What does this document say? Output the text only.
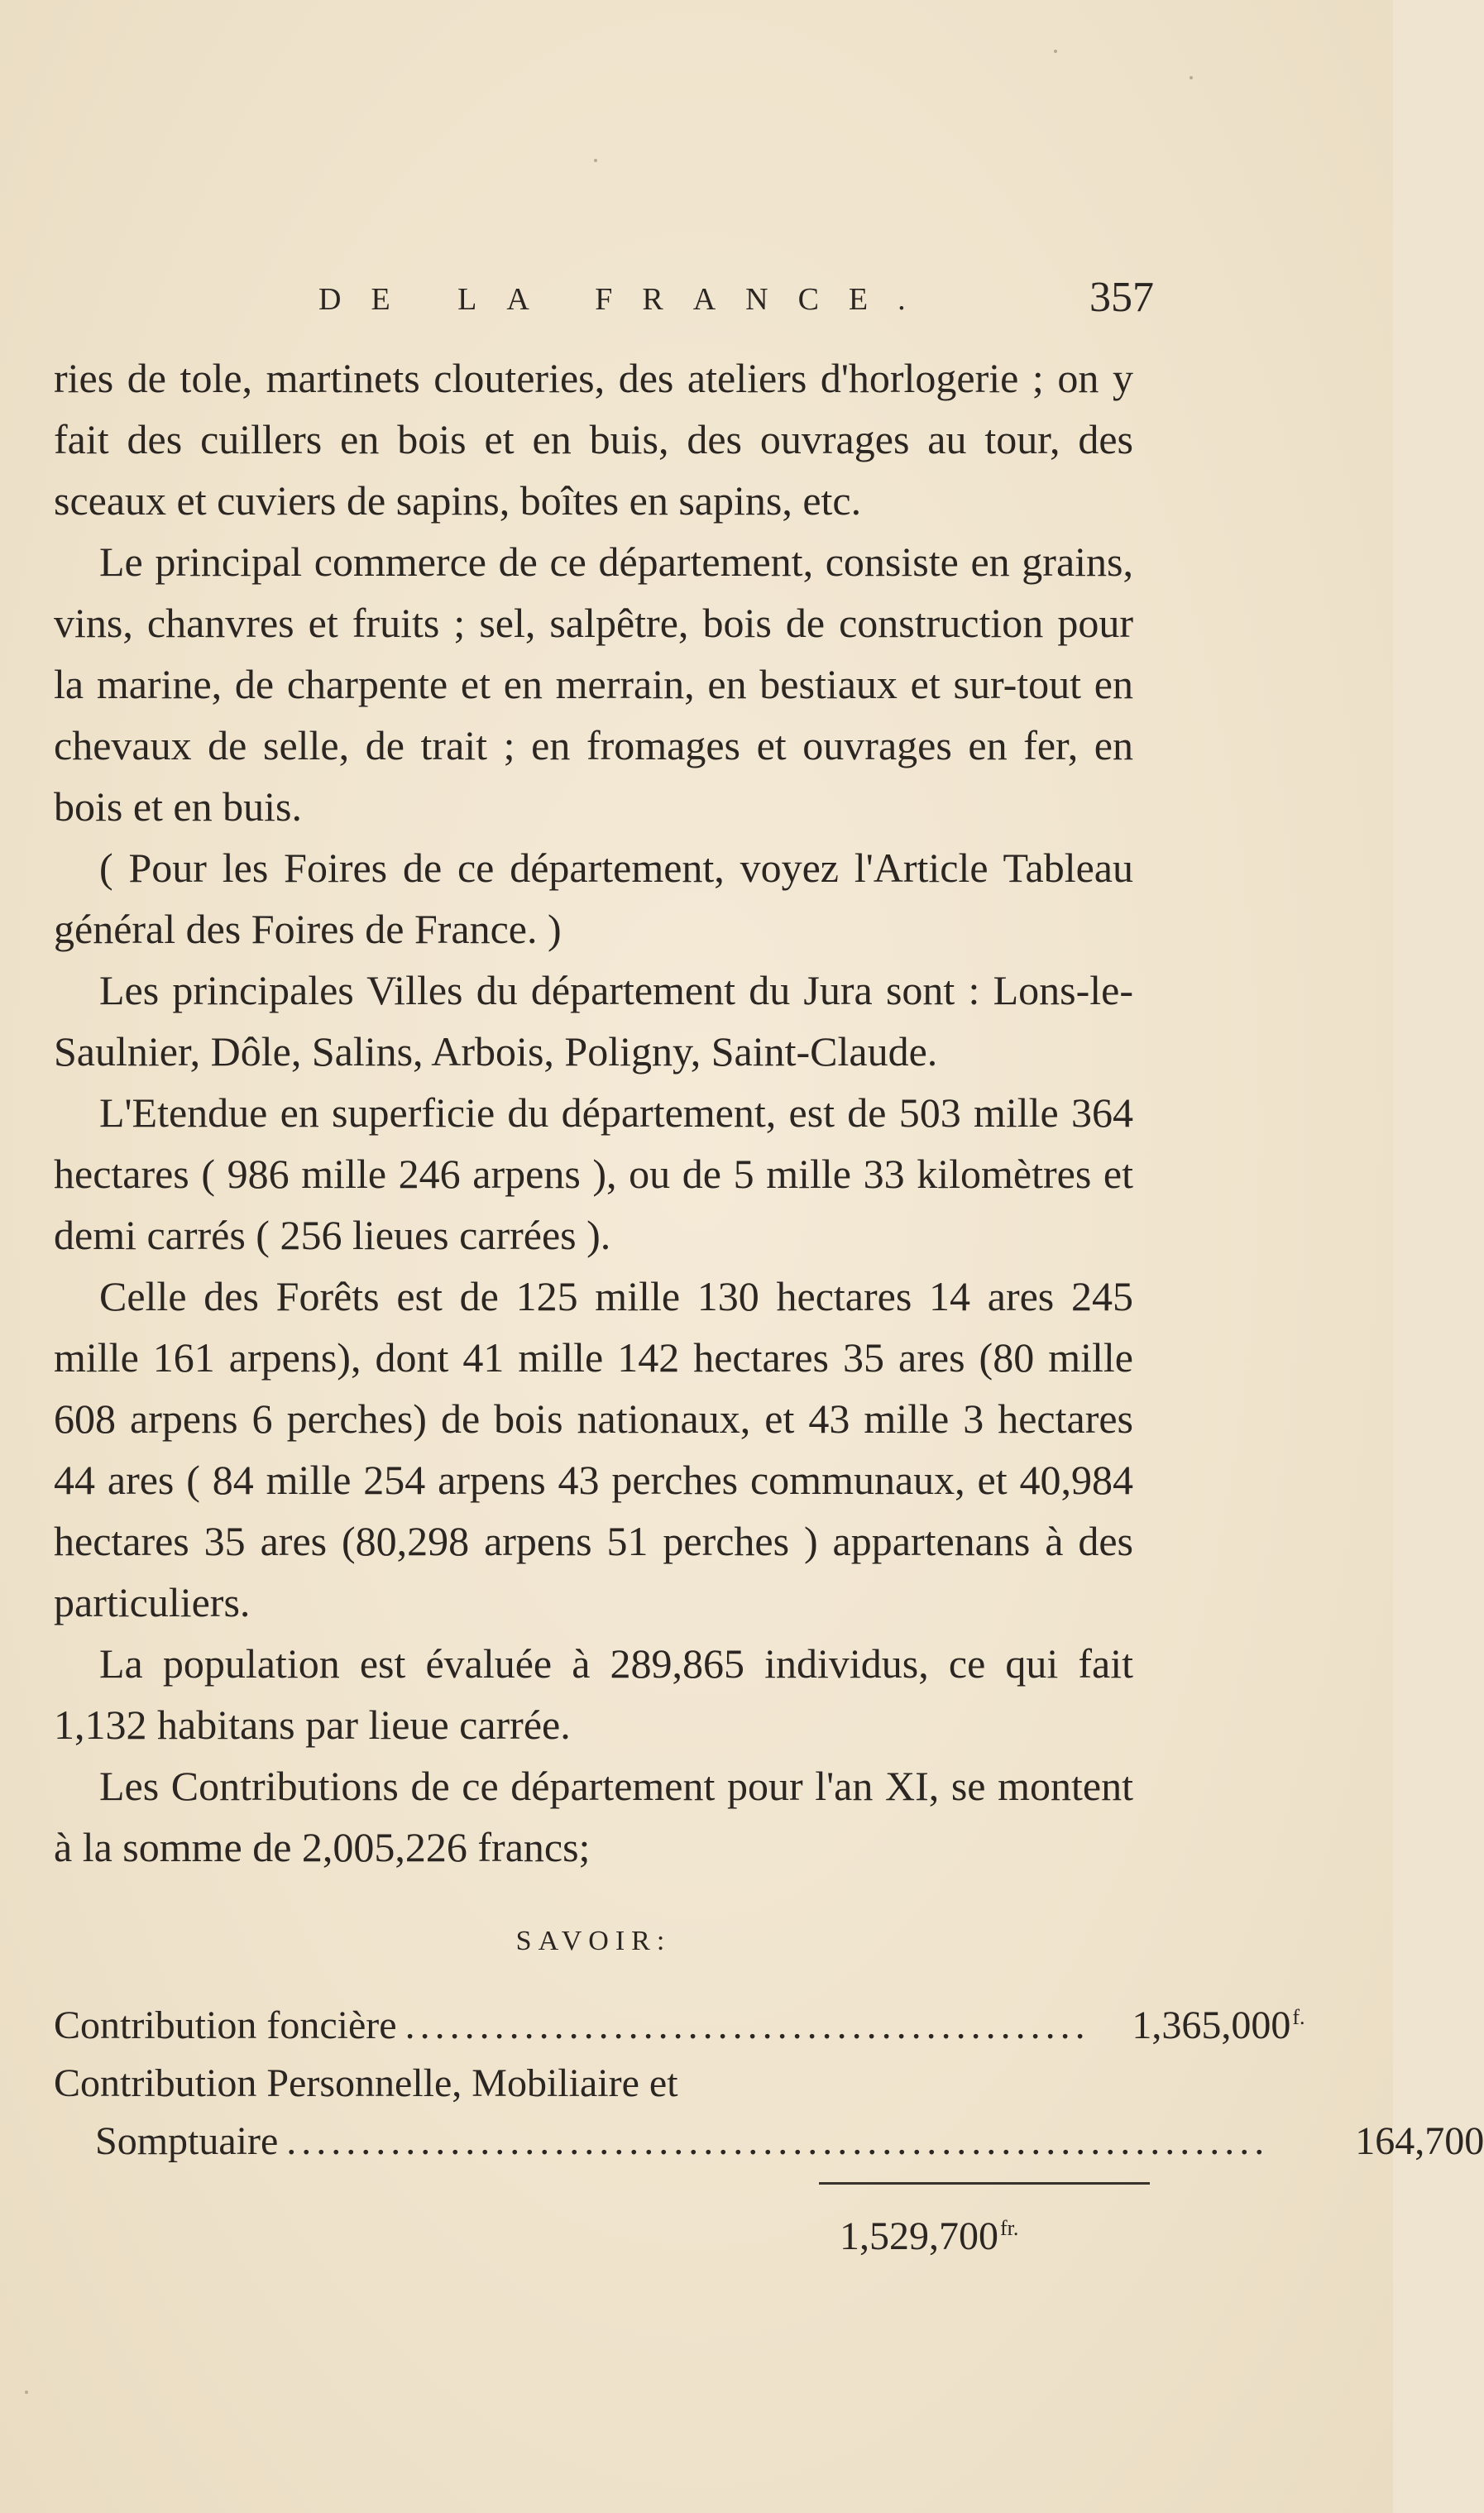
DE LA FRANCE.	357

ries de tole, martinets clouteries, des ateliers d'horlogerie ; on y fait des cuillers en bois et en buis, des ouvrages au tour, des sceaux et cuviers de sapins, boîtes en sapins, etc.

Le principal commerce de ce département, consiste en grains, vins, chanvres et fruits ; sel, salpêtre, bois de construction pour la marine, de charpente et en merrain, en bestiaux et sur-tout en chevaux de selle, de trait ; en fromages et ouvrages en fer, en bois et en buis.

( Pour les Foires de ce département, voyez l'Article Tableau général des Foires de France. )

Les principales Villes du département du Jura sont : Lons-le-Saulnier, Dôle, Salins, Arbois, Poligny, Saint-Claude.

L'Etendue en superficie du département, est de 503 mille 364 hectares ( 986 mille 246 arpens ), ou de 5 mille 33 kilomètres et demi carrés ( 256 lieues carrées ).

Celle des Forêts est de 125 mille 130 hectares 14 ares 245 mille 161 arpens), dont 41 mille 142 hectares 35 ares (80 mille 608 arpens 6 perches) de bois nationaux, et 43 mille 3 hectares 44 ares ( 84 mille 254 arpens 43 perches communaux, et 40,984 hectares 35 ares (80,298 arpens 51 perches ) appartenans à des particuliers.

La population est évaluée à 289,865 individus, ce qui fait 1,132 habitans par lieue carrée.

Les Contributions de ce département pour l'an XI, se montent à la somme de 2,005,226 francs;

SAVOIR:
Contribution foncière ..............................................	$1,365,000^{f.}$
Contribution Personnelle, Mobiliaire et
Somptuaire ..................................................................	164,700
$1,529,700^{fr.}$
